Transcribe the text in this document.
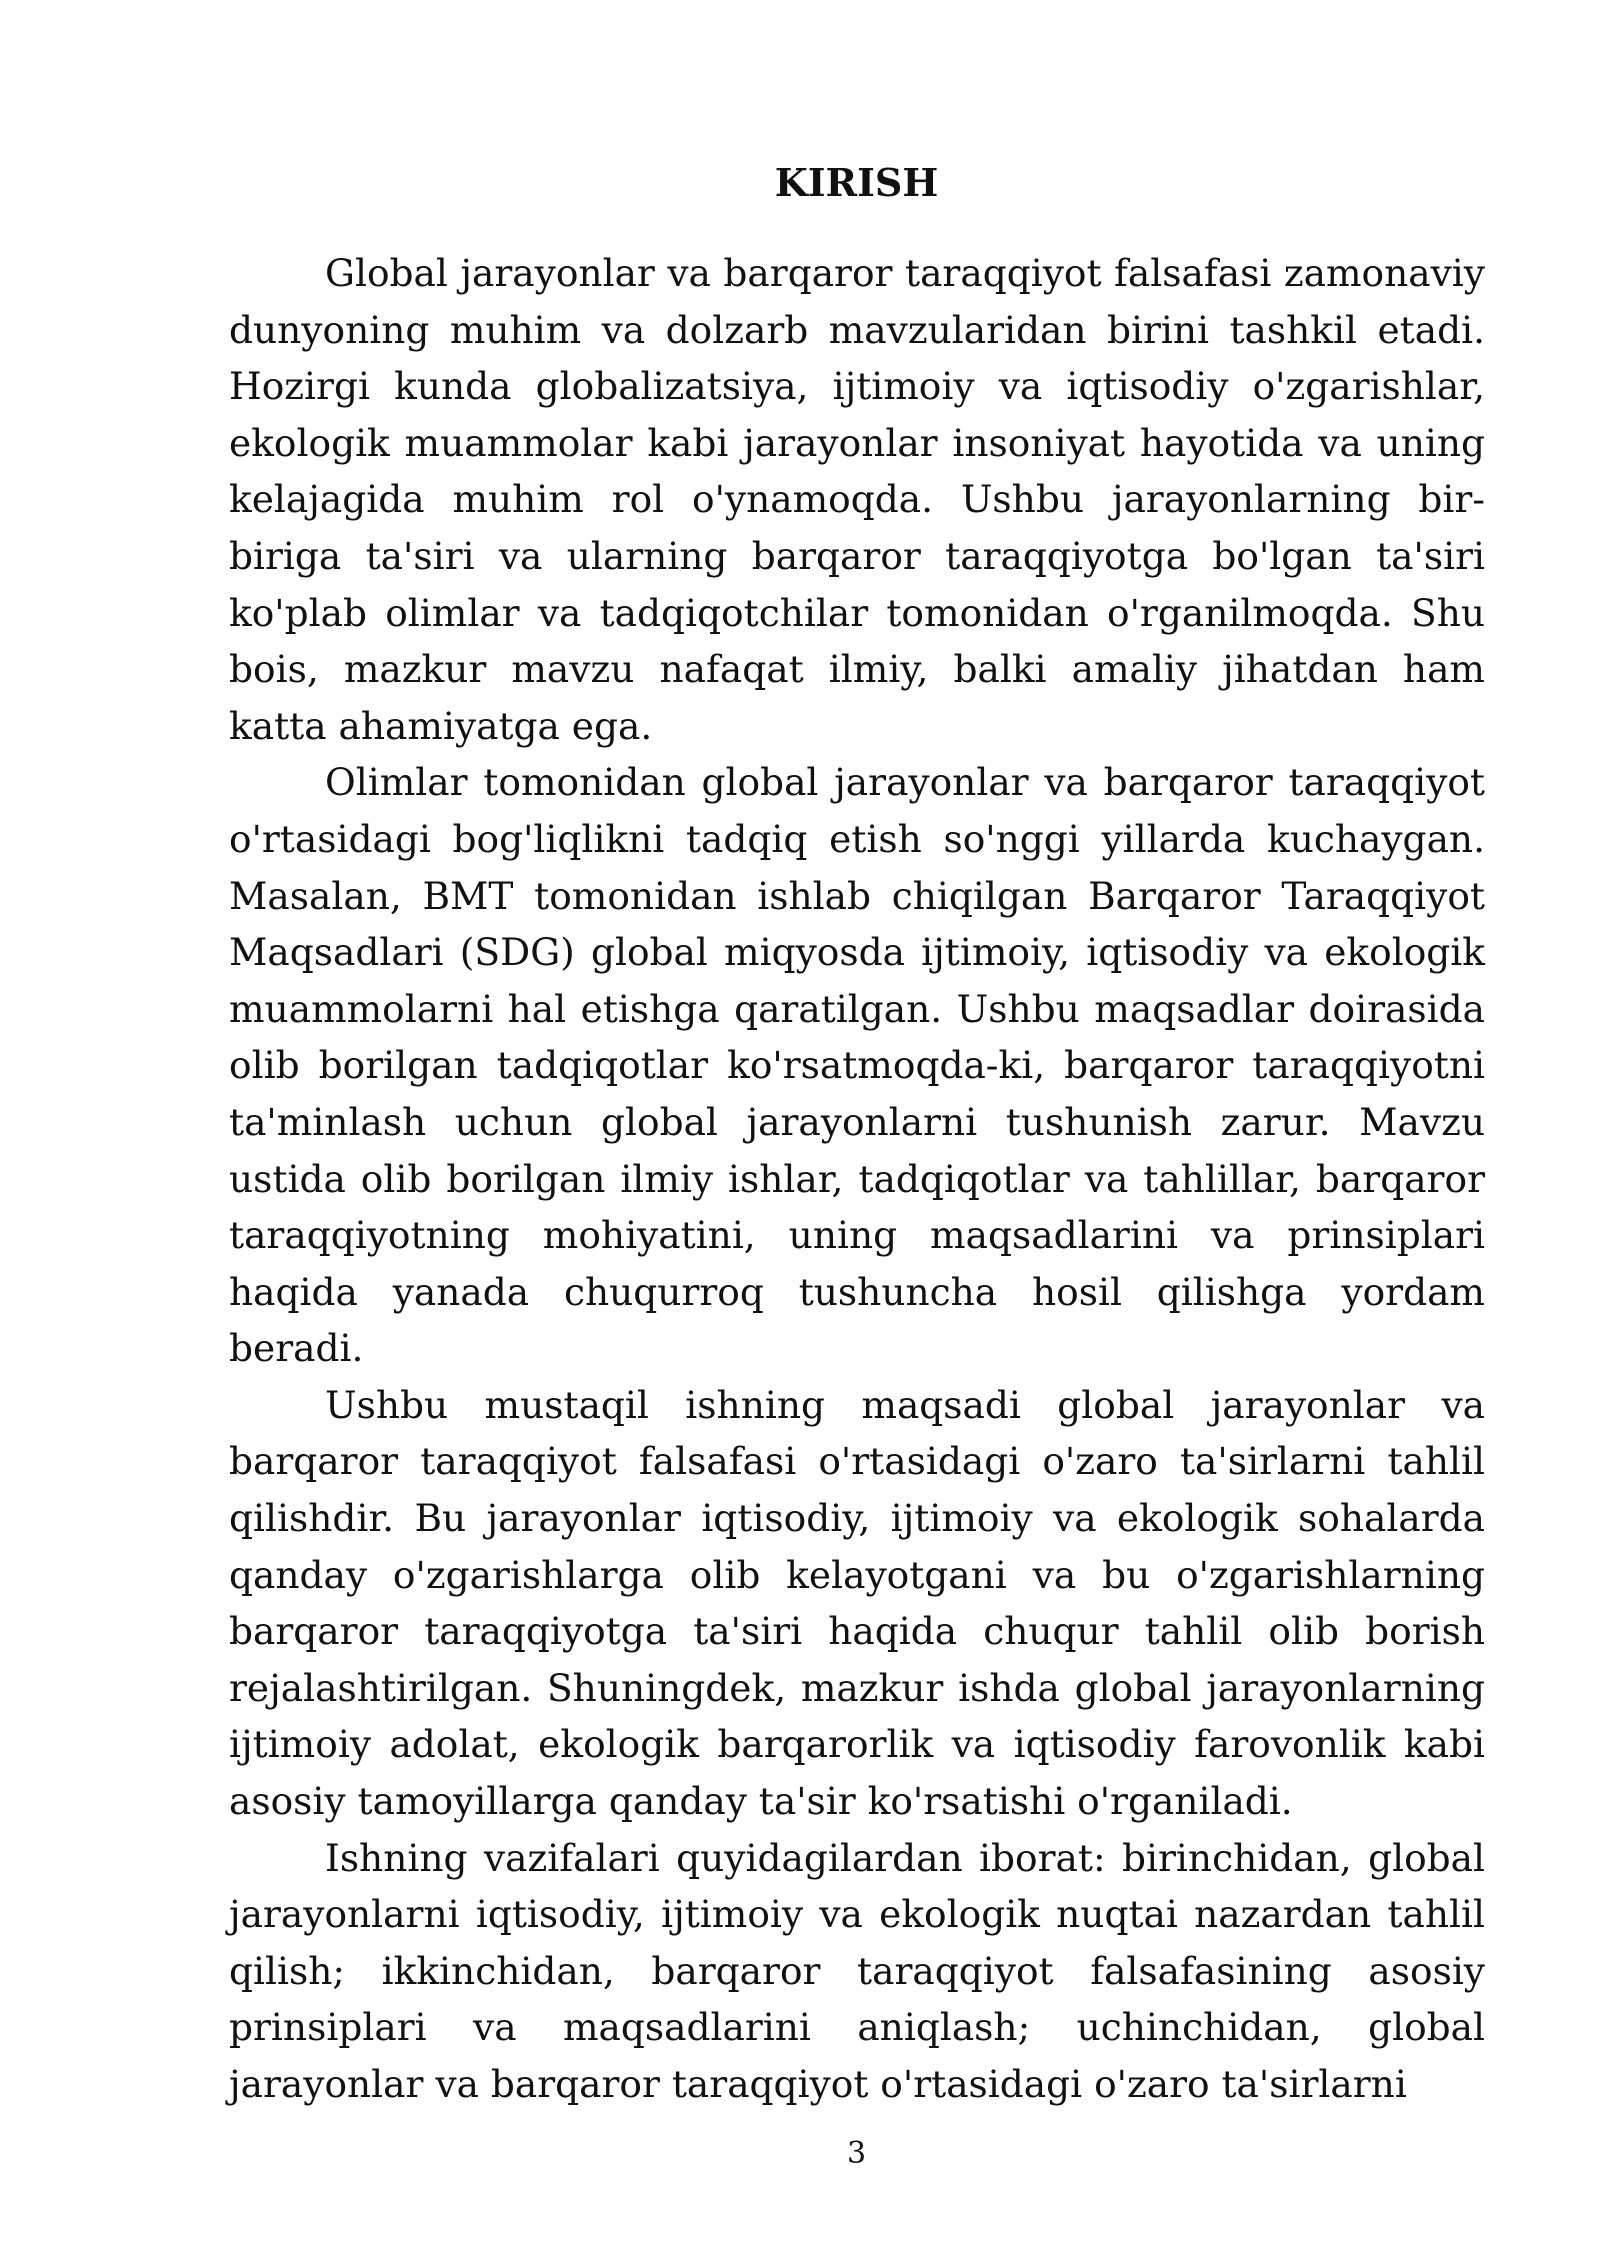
KIRISH

Global jarayonlar va barqaror taraqqiyot falsafasi zamonaviy dunyoning muhim va dolzarb mavzularidan birini tashkil etadi. Hozirgi kunda globalizatsiya, ijtimoiy va iqtisodiy o'zgarishlar, ekologik muammolar kabi jarayonlar insoniyat hayotida va uning kelajagida muhim rol o'ynamoqda. Ushbu jarayonlarning bir-biriga ta'siri va ularning barqaror taraqqiyotga bo'lgan ta'siri ko'plab olimlar va tadqiqotchilar tomonidan o'rganilmoqda. Shu bois, mazkur mavzu nafaqat ilmiy, balki amaliy jihatdan ham katta ahamiyatga ega.

Olimlar tomonidan global jarayonlar va barqaror taraqqiyot o'rtasidagi bog'liqlikni tadqiq etish so'nggi yillarda kuchaygan. Masalan, BMT tomonidan ishlab chiqilgan Barqaror Taraqqiyot Maqsadlari (SDG) global miqyosda ijtimoiy, iqtisodiy va ekologik muammolarni hal etishga qaratilgan. Ushbu maqsadlar doirasida olib borilgan tadqiqotlar ko'rsatmoqda-ki, barqaror taraqqiyotni ta'minlash uchun global jarayonlarni tushunish zarur. Mavzu ustida olib borilgan ilmiy ishlar, tadqiqotlar va tahlillar, barqaror taraqqiyotning mohiyatini, uning maqsadlarini va prinsiplari haqida yanada chuqurroq tushuncha hosil qilishga yordam beradi.

Ushbu mustaqil ishning maqsadi global jarayonlar va barqaror taraqqiyot falsafasi o'rtasidagi o'zaro ta'sirlarni tahlil qilishdir. Bu jarayonlar iqtisodiy, ijtimoiy va ekologik sohalarda qanday o'zgarishlarga olib kelayotgani va bu o'zgarishlarning barqaror taraqqiyotga ta'siri haqida chuqur tahlil olib borish rejalashtirilgan. Shuningdek, mazkur ishda global jarayonlarning ijtimoiy adolat, ekologik barqarorlik va iqtisodiy farovonlik kabi asosiy tamoyillarga qanday ta'sir ko'rsatishi o'rganiladi.

Ishning vazifalari quyidagilardan iborat: birinchidan, global jarayonlarni iqtisodiy, ijtimoiy va ekologik nuqtai nazardan tahlil qilish; ikkinchidan, barqaror taraqqiyot falsafasining asosiy prinsiplari va maqsadlarini aniqlash; uchinchidan, global jarayonlar va barqaror taraqqiyot o'rtasidagi o'zaro ta'sirlarni

3
